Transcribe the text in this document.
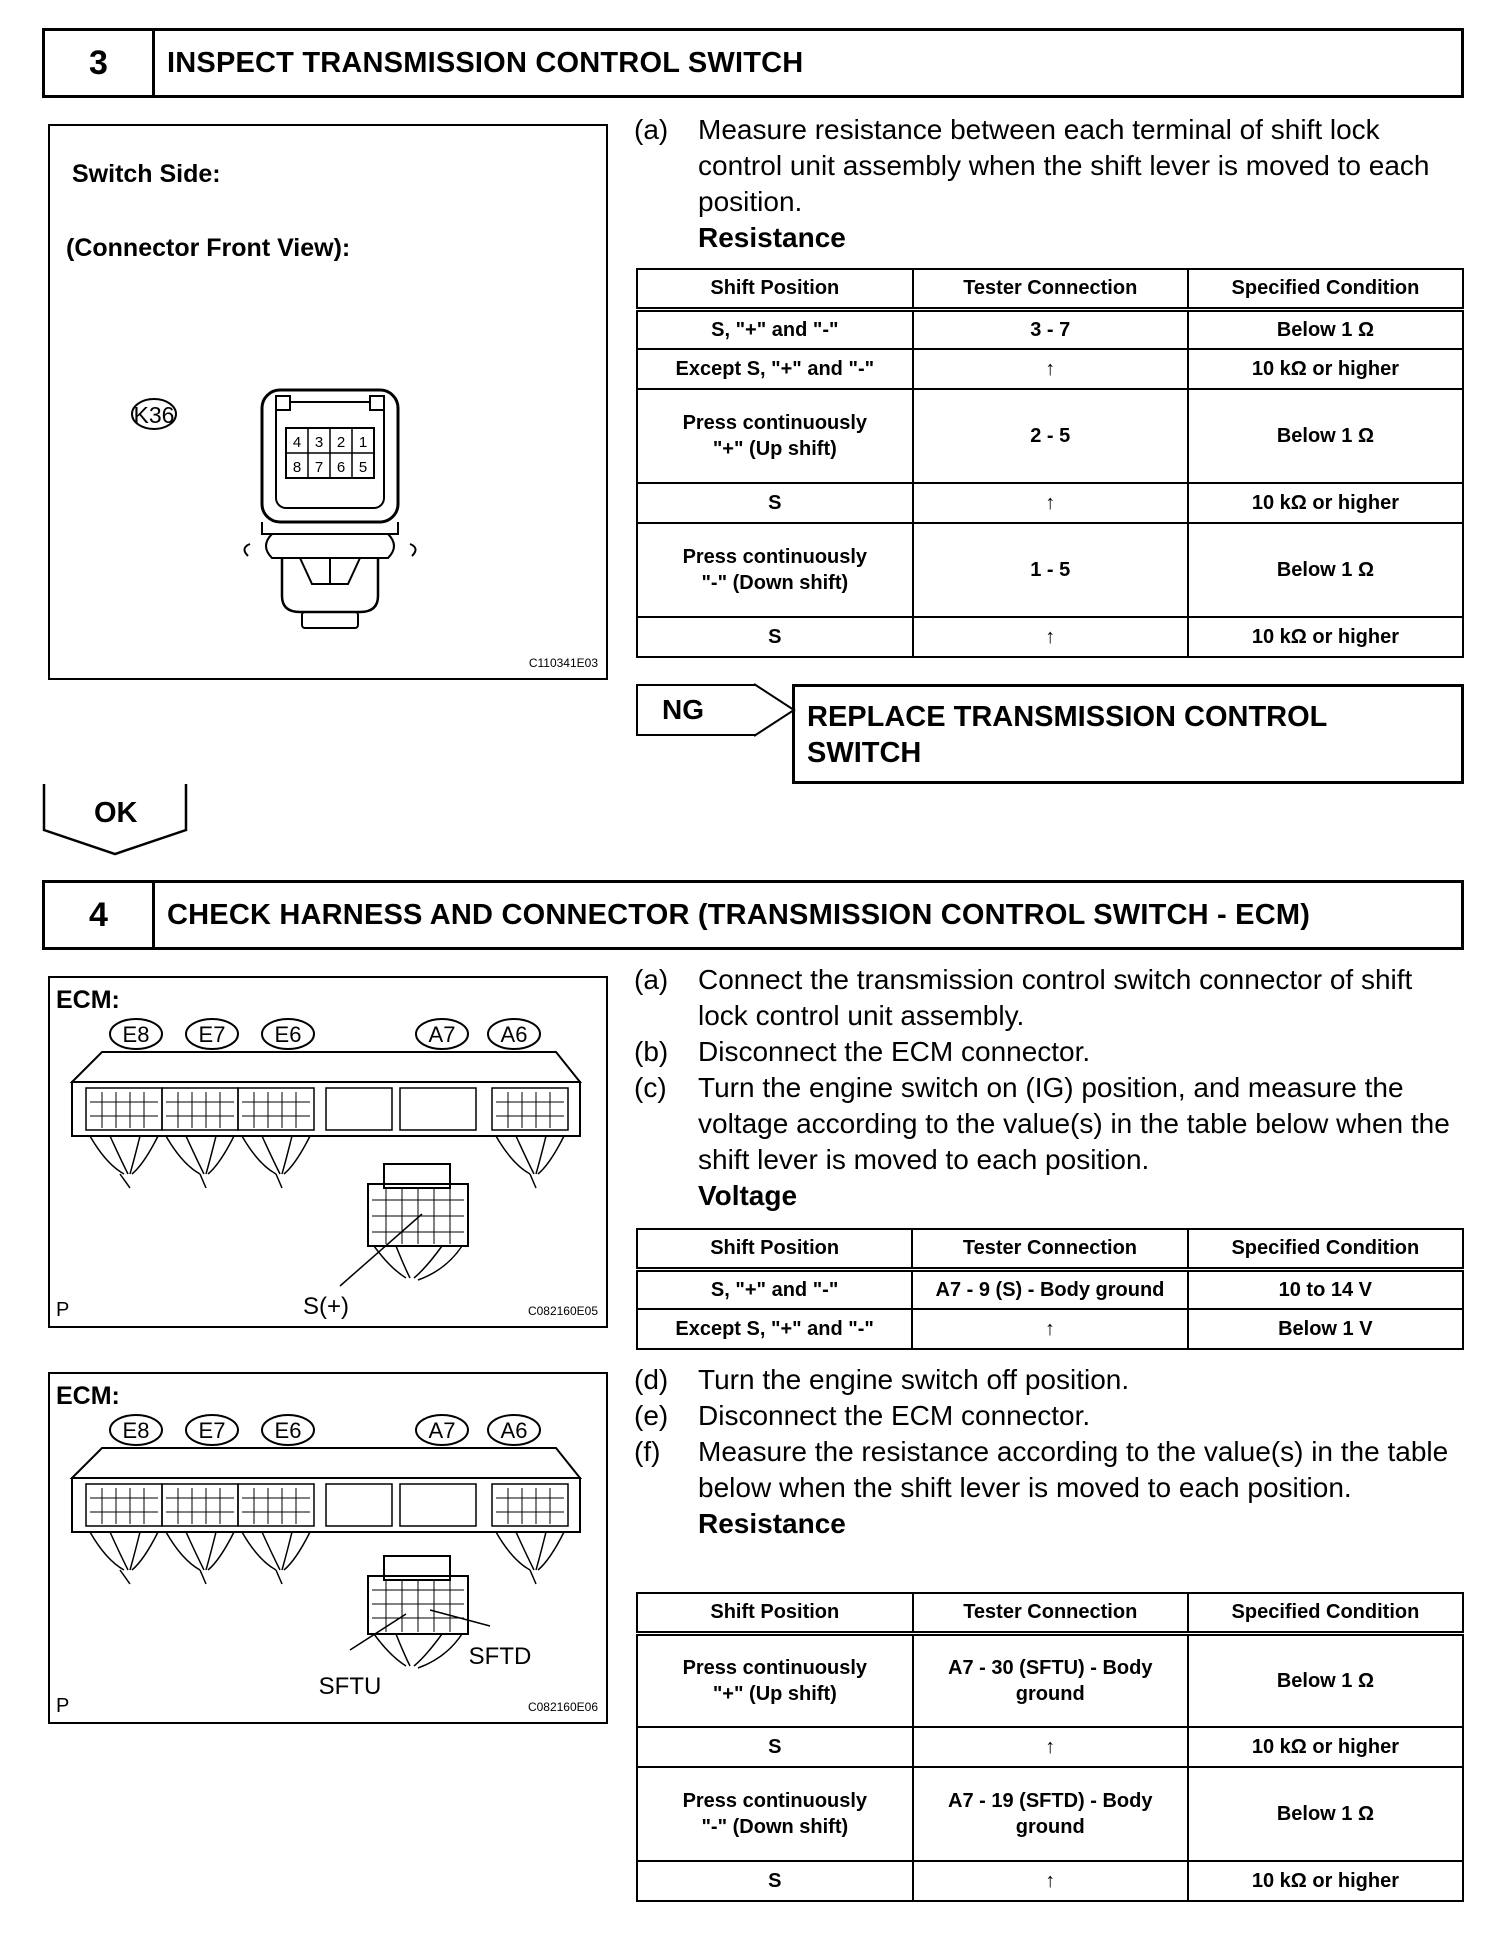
3	INSPECT TRANSMISSION CONTROL SWITCH
Switch Side:
(Connector Front View):
K36
4 3 2 1
8 7 6 5
C110341E03
(a)	Measure resistance between each terminal of shift lock control unit assembly when the shift lever is moved to each position.
Resistance
Shift Position	Tester Connection	Specified Condition
S, "+" and "-"	3 - 7	Below 1 Ω
Except S, "+" and "-"	↑	10 kΩ or higher
Press continuously "+" (Up shift)	2 - 5	Below 1 Ω
S	↑	10 kΩ or higher
Press continuously "-" (Down shift)	1 - 5	Below 1 Ω
S	↑	10 kΩ or higher
NG	REPLACE TRANSMISSION CONTROL SWITCH
OK
4	CHECK HARNESS AND CONNECTOR (TRANSMISSION CONTROL SWITCH - ECM)
ECM:
E8 E7 E6	A7 A6
S(+)
P	C082160E05
ECM:
E8 E7 E6	A7 A6
SFTD
SFTU
P	C082160E06
(a)	Connect the transmission control switch connector of shift lock control unit assembly.
(b)	Disconnect the ECM connector.
(c)	Turn the engine switch on (IG) position, and measure the voltage according to the value(s) in the table below when the shift lever is moved to each position.
Voltage
Shift Position	Tester Connection	Specified Condition
S, "+" and "-"	A7 - 9 (S) - Body ground	10 to 14 V
Except S, "+" and "-"	↑	Below 1 V
(d)	Turn the engine switch off position.
(e)	Disconnect the ECM connector.
(f)	Measure the resistance according to the value(s) in the table below when the shift lever is moved to each position.
Resistance
Shift Position	Tester Connection	Specified Condition
Press continuously "+" (Up shift)	A7 - 30 (SFTU) - Body ground	Below 1 Ω
S	↑	10 kΩ or higher
Press continuously "-" (Down shift)	A7 - 19 (SFTD) - Body ground	Below 1 Ω
S	↑	10 kΩ or higher
